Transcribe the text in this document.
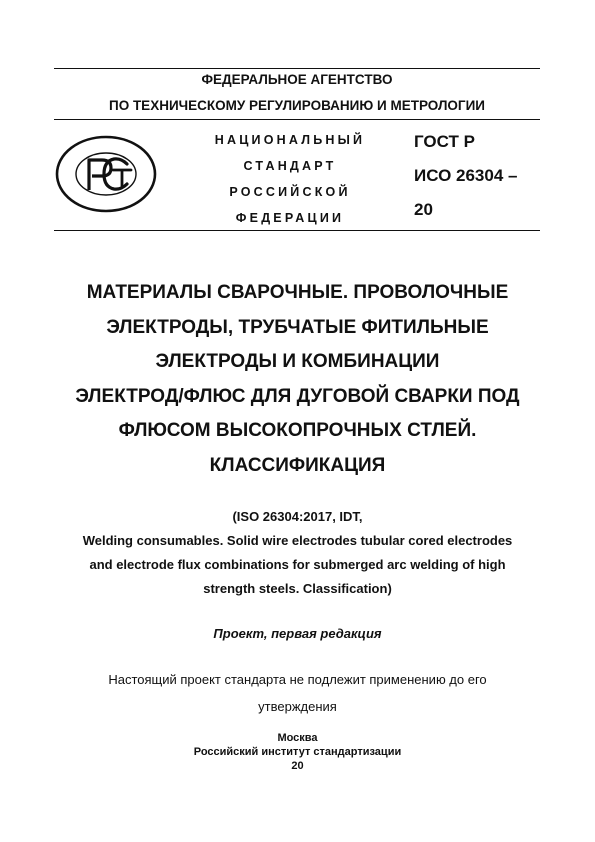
ФЕДЕРАЛЬНОЕ АГЕНТСТВО
ПО ТЕХНИЧЕСКОМУ РЕГУЛИРОВАНИЮ И МЕТРОЛОГИИ
НАЦИОНАЛЬНЫЙ
СТАНДАРТ
РОССИЙСКОЙ
ФЕДЕРАЦИИ
ГОСТ Р
ИСО 26304 –
20
МАТЕРИАЛЫ СВАРОЧНЫЕ. ПРОВОЛОЧНЫЕ
ЭЛЕКТРОДЫ, ТРУБЧАТЫЕ ФИТИЛЬНЫЕ
ЭЛЕКТРОДЫ И КОМБИНАЦИИ
ЭЛЕКТРОД/ФЛЮС ДЛЯ ДУГОВОЙ СВАРКИ ПОД
ФЛЮСОМ ВЫСОКОПРОЧНЫХ СТЛЕЙ.
КЛАССИФИКАЦИЯ
(ISO 26304:2017, IDT,
Welding consumables. Solid wire electrodes tubular cored electrodes
and electrode flux combinations for submerged arc welding of high
strength steels. Classification)
Проект, первая редакция
Настоящий проект стандарта не подлежит применению до его
утверждения
Москва
Российский институт стандартизации
20
